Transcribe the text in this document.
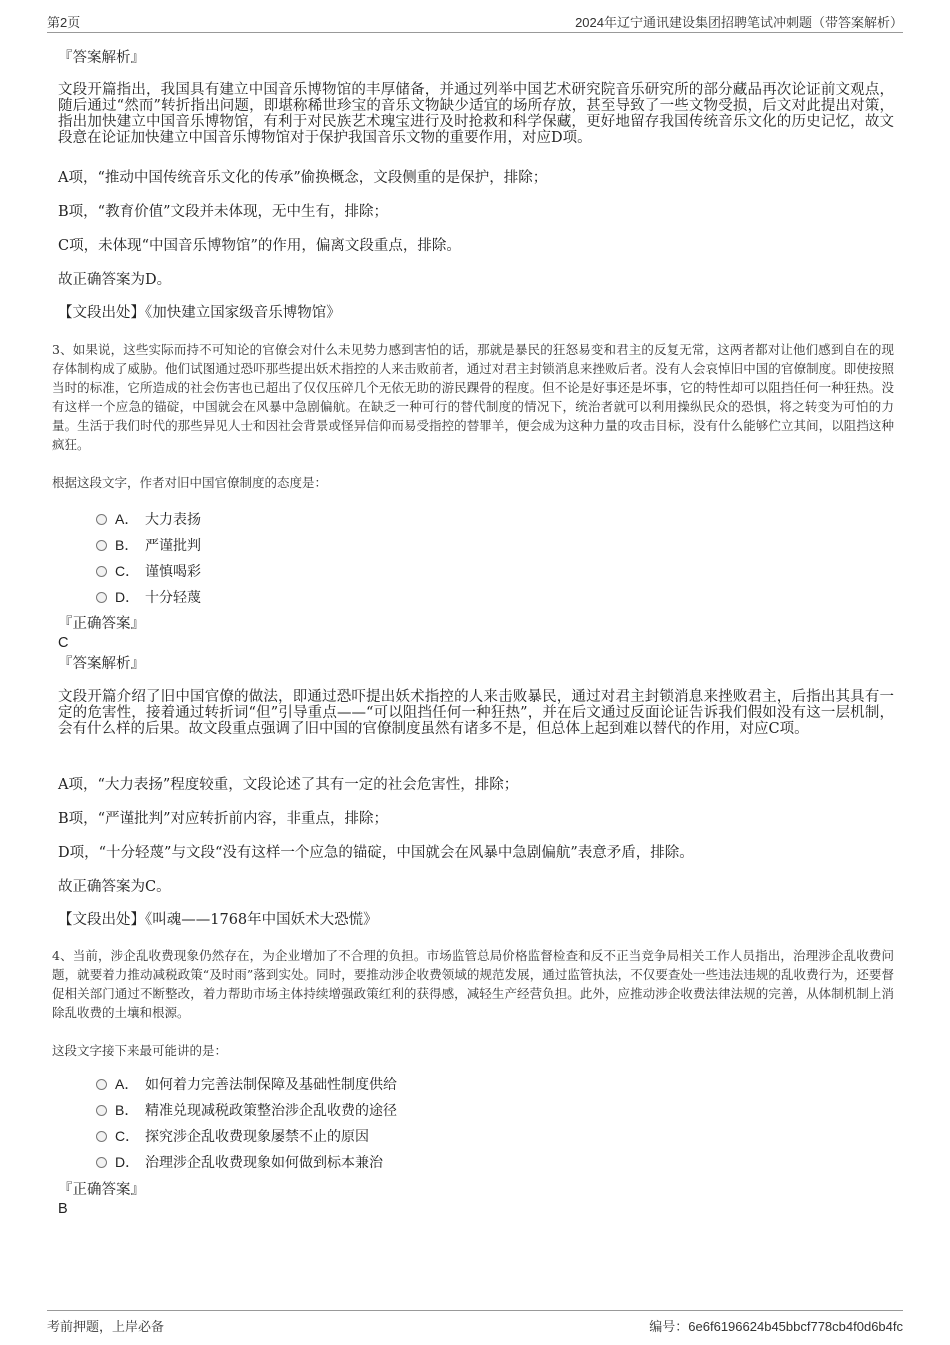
第2页	2024年辽宁通讯建设集团招聘笔试冲刺题（带答案解析）
『答案解析』
文段开篇指出，我国具有建立中国音乐博物馆的丰厚储备，并通过列举中国艺术研究院音乐研究所的部分藏品再次论证前文观点，随后通过“然而”转折指出问题，即堪称稀世珍宝的音乐文物缺少适宜的场所存放，甚至导致了一些文物受损，后文对此提出对策，指出加快建立中国音乐博物馆，有利于对民族艺术瑰宝进行及时抢救和科学保藏，更好地留存我国传统音乐文化的历史记忆，故文段意在论证加快建立中国音乐博物馆对于保护我国音乐文物的重要作用，对应D项。
A项，“推动中国传统音乐文化的传承”偷换概念，文段侧重的是保护，排除；
B项，“教育价值”文段并未体现，无中生有，排除；
C项，未体现“中国音乐博物馆”的作用，偏离文段重点，排除。
故正确答案为D。
【文段出处】《加快建立国家级音乐博物馆》
3、如果说，这些实际而持不可知论的官僚会对什么未见势力感到害怕的话，那就是暴民的狂怒易变和君主的反复无常，这两者都对让他们感到自在的现存体制构成了威胁。他们试图通过恐吓那些提出妖术指控的人来击败前者，通过对君主封锁消息来挫败后者。没有人会哀悼旧中国的官僚制度。即使按照当时的标准，它所造成的社会伤害也已超出了仅仅压碎几个无依无助的游民踝骨的程度。但不论是好事还是坏事，它的特性却可以阻挡任何一种狂热。没有这样一个应急的锚碇，中国就会在风暴中急剧偏航。在缺乏一种可行的替代制度的情况下，统治者就可以利用操纵民众的恐惧，将之转变为可怕的力量。生活于我们时代的那些异见人士和因社会背景或怪异信仰而易受指控的替罪羊，便会成为这种力量的攻击目标，没有什么能够伫立其间，以阻挡这种疯狂。
根据这段文字，作者对旧中国官僚制度的态度是：
A． 大力表扬
B． 严谨批判
C． 谨慎喝彩
D． 十分轻蔑
『正确答案』
C
『答案解析』
文段开篇介绍了旧中国官僚的做法，即通过恐吓提出妖术指控的人来击败暴民，通过对君主封锁消息来挫败君主，后指出其具有一定的危害性，接着通过转折词“但”引导重点——“可以阻挡任何一种狂热”，并在后文通过反面论证告诉我们假如没有这一层机制，会有什么样的后果。故文段重点强调了旧中国的官僚制度虽然有诸多不是，但总体上起到难以替代的作用，对应C项。
A项，“大力表扬”程度较重，文段论述了其有一定的社会危害性，排除；
B项，“严谨批判”对应转折前内容，非重点，排除；
D项，“十分轻蔑”与文段“没有这样一个应急的锚碇，中国就会在风暴中急剧偏航”表意矛盾，排除。
故正确答案为C。
【文段出处】《叫魂——1768年中国妖术大恐慌》
4、当前，涉企乱收费现象仍然存在，为企业增加了不合理的负担。市场监管总局价格监督检查和反不正当竞争局相关工作人员指出，治理涉企乱收费问题，就要着力推动减税政策“及时雨”落到实处。同时，要推动涉企收费领域的规范发展，通过监管执法，不仅要查处一些违法违规的乱收费行为，还要督促相关部门通过不断整改，着力帮助市场主体持续增强政策红利的获得感，减轻生产经营负担。此外，应推动涉企收费法律法规的完善，从体制机制上消除乱收费的土壤和根源。
这段文字接下来最可能讲的是：
A． 如何着力完善法制保障及基础性制度供给
B． 精准兑现减税政策整治涉企乱收费的途径
C． 探究涉企乱收费现象屡禁不止的原因
D． 治理涉企乱收费现象如何做到标本兼治
『正确答案』
B
考前押题，上岸必备	编号：6e6f6196624b45bbcf778cb4f0d6b4fc
